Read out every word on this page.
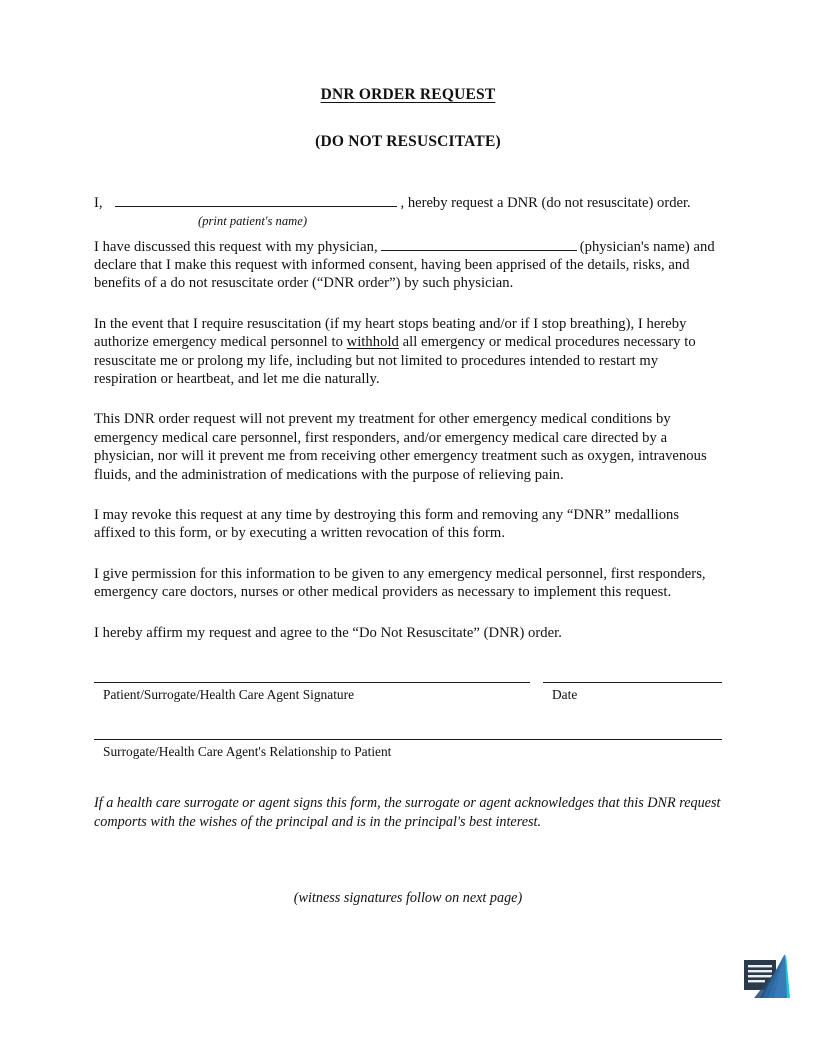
DNR ORDER REQUEST
(DO NOT RESUSCITATE)
I,	, hereby request a DNR (do not resuscitate) order.
(print patient's name)

I have discussed this request with my physician,	(physician's name) and declare that I make this request with informed consent, having been apprised of the details, risks, and benefits of a do not resuscitate order (“DNR order”) by such physician.

In the event that I require resuscitation (if my heart stops beating and/or if I stop breathing), I hereby authorize emergency medical personnel to withhold all emergency or medical procedures necessary to resuscitate me or prolong my life, including but not limited to procedures intended to restart my respiration or heartbeat, and let me die naturally.

This DNR order request will not prevent my treatment for other emergency medical conditions by emergency medical care personnel, first responders, and/or emergency medical care directed by a physician, nor will it prevent me from receiving other emergency treatment such as oxygen, intravenous fluids, and the administration of medications with the purpose of relieving pain.

I may revoke this request at any time by destroying this form and removing any “DNR” medallions affixed to this form, or by executing a written revocation of this form.

I give permission for this information to be given to any emergency medical personnel, first responders, emergency care doctors, nurses or other medical providers as necessary to implement this request.

I hereby affirm my request and agree to the “Do Not Resuscitate” (DNR) order.

Patient/Surrogate/Health Care Agent Signature	Date
Surrogate/Health Care Agent's Relationship to Patient

If a health care surrogate or agent signs this form, the surrogate or agent acknowledges that this DNR request comports with the wishes of the principal and is in the principal's best interest.

(witness signatures follow on next page)
